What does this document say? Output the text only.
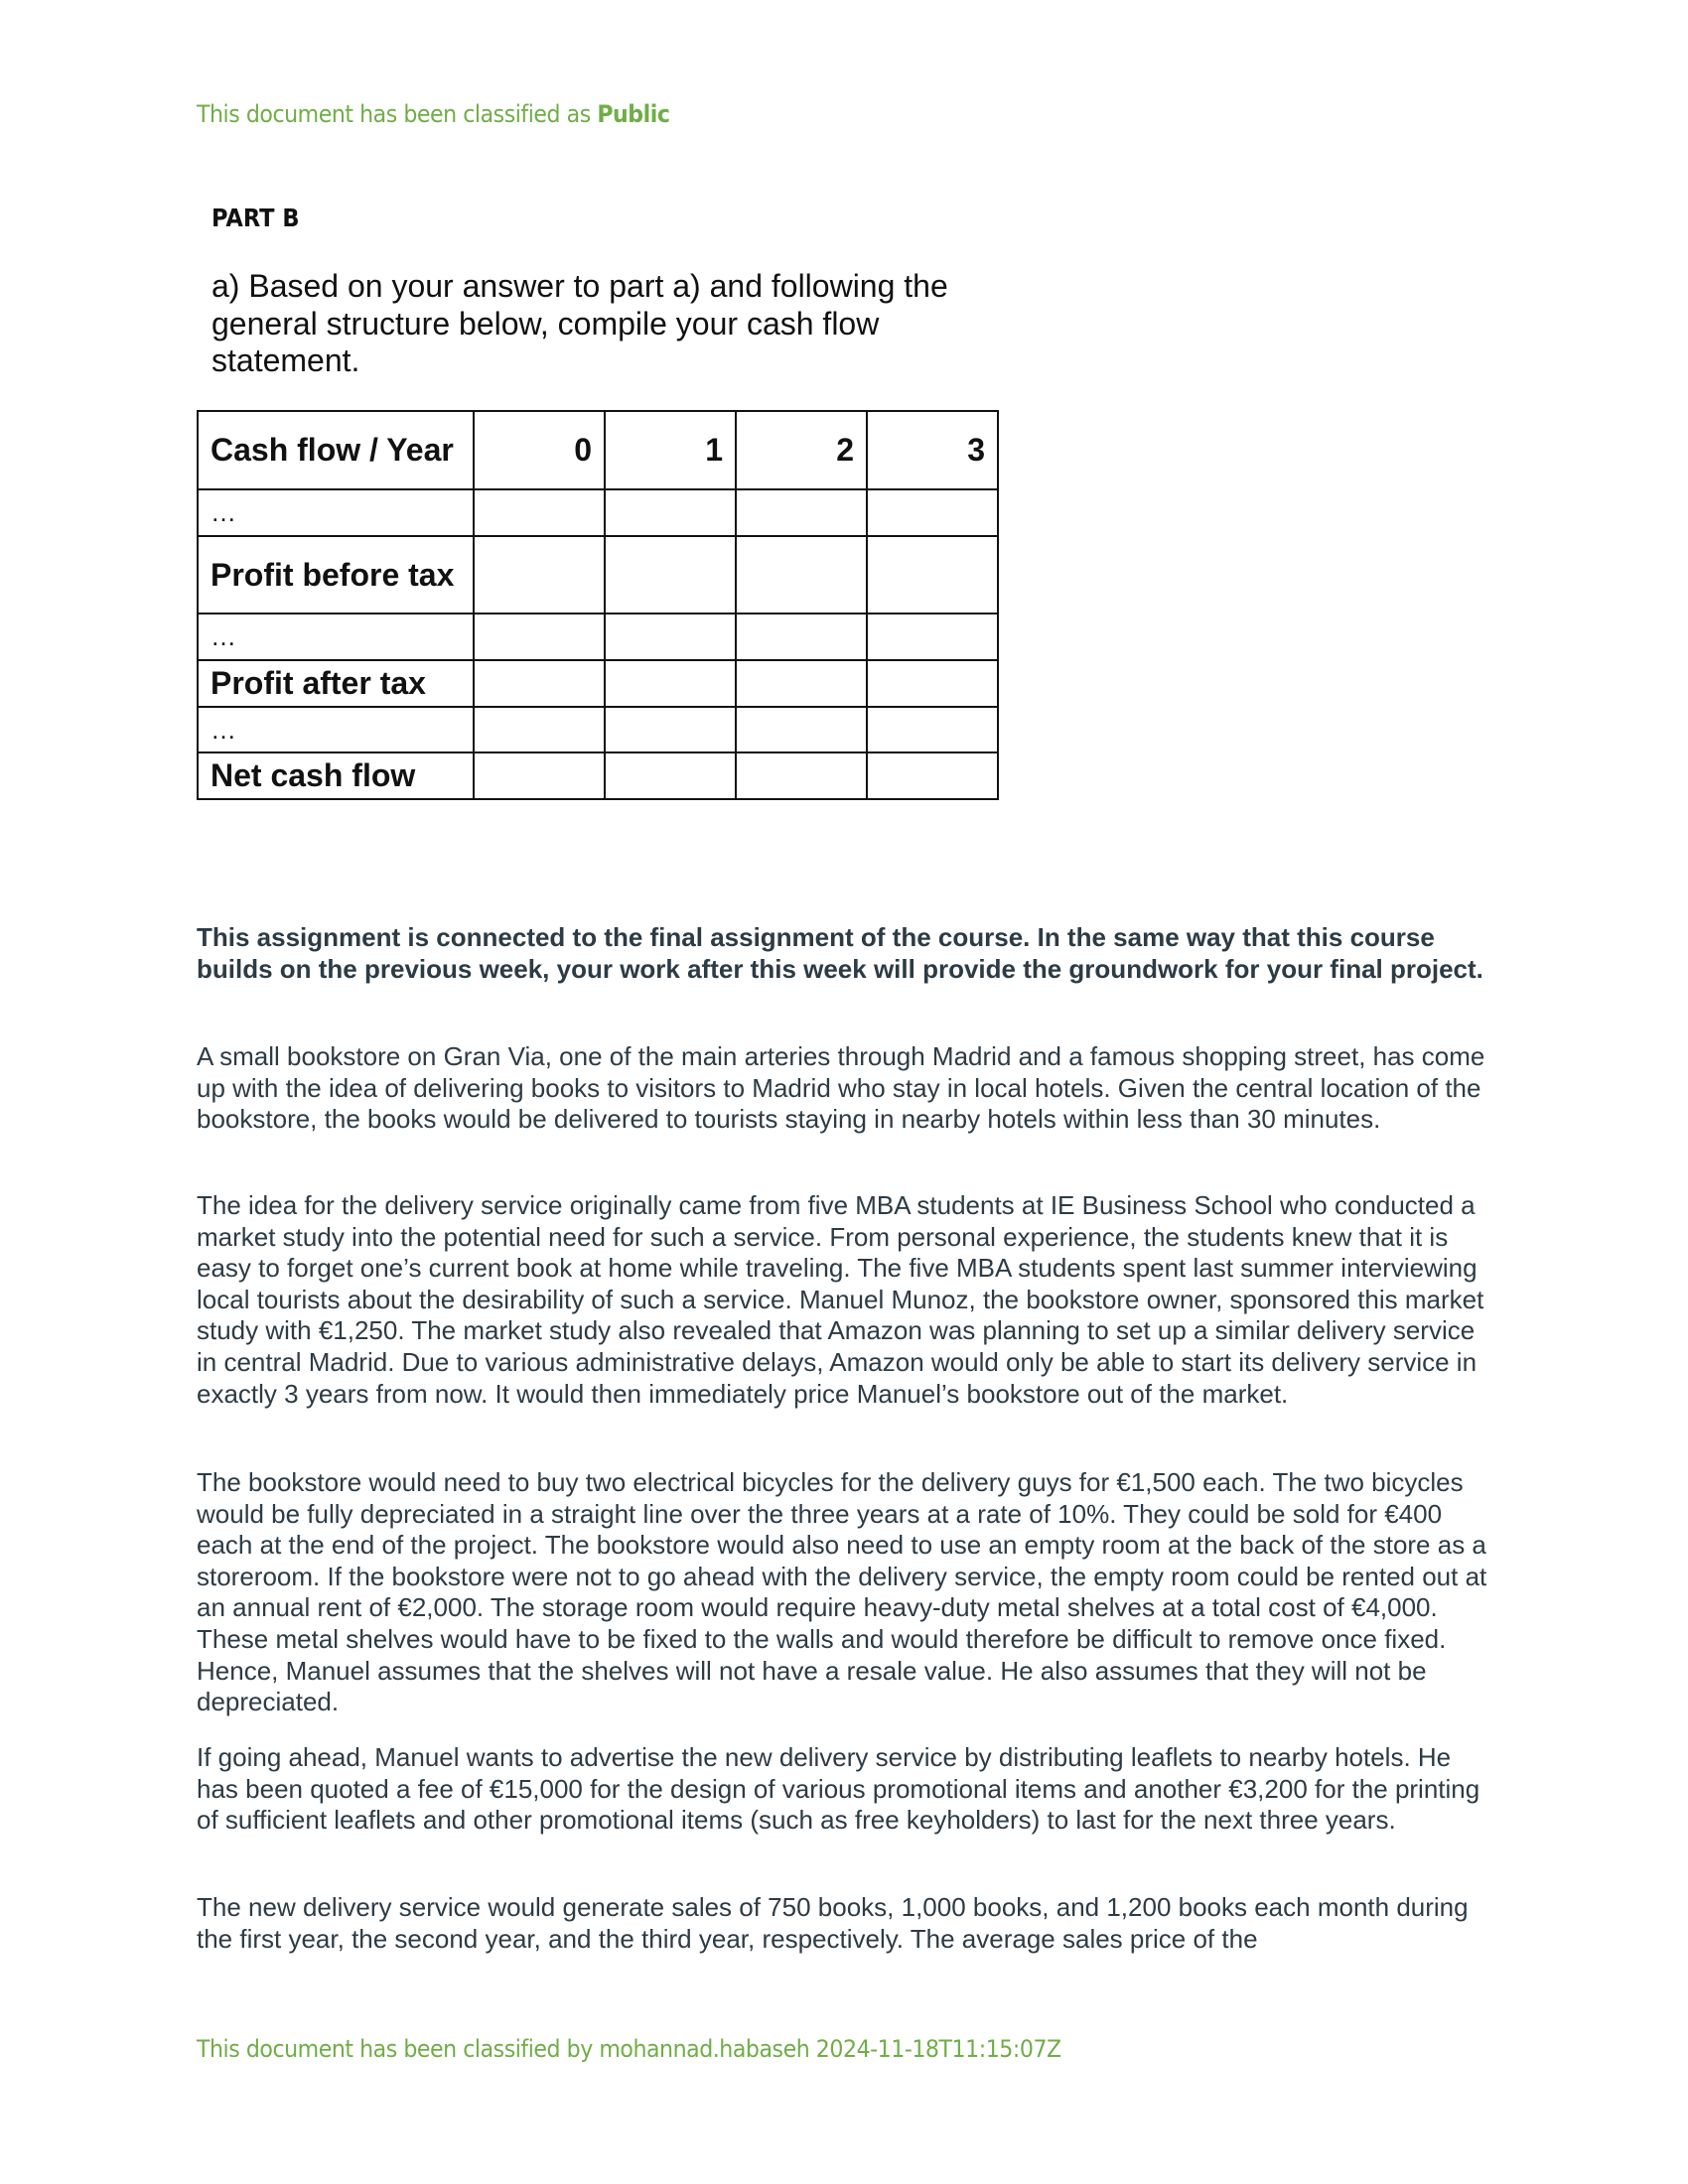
This document has been classified as Public
PART B
a) Based on your answer to part a) and following the general structure below, compile your cash flow statement.
Cash flow / Year	0	1	2	3
…				
Profit before tax				
…				
Profit after tax				
…				
Net cash flow				
This assignment is connected to the final assignment of the course. In the same way that this course builds on the previous week, your work after this week will provide the groundwork for your final project.
A small bookstore on Gran Via, one of the main arteries through Madrid and a famous shopping street, has come up with the idea of delivering books to visitors to Madrid who stay in local hotels. Given the central location of the bookstore, the books would be delivered to tourists staying in nearby hotels within less than 30 minutes.
The idea for the delivery service originally came from five MBA students at IE Business School who conducted a market study into the potential need for such a service. From personal experience, the students knew that it is easy to forget one’s current book at home while traveling. The five MBA students spent last summer interviewing local tourists about the desirability of such a service. Manuel Munoz, the bookstore owner, sponsored this market study with €1,250. The market study also revealed that Amazon was planning to set up a similar delivery service in central Madrid. Due to various administrative delays, Amazon would only be able to start its delivery service in exactly 3 years from now. It would then immediately price Manuel’s bookstore out of the market.
The bookstore would need to buy two electrical bicycles for the delivery guys for €1,500 each. The two bicycles would be fully depreciated in a straight line over the three years at a rate of 10%. They could be sold for €400 each at the end of the project. The bookstore would also need to use an empty room at the back of the store as a storeroom. If the bookstore were not to go ahead with the delivery service, the empty room could be rented out at an annual rent of €2,000. The storage room would require heavy-duty metal shelves at a total cost of €4,000. These metal shelves would have to be fixed to the walls and would therefore be difficult to remove once fixed. Hence, Manuel assumes that the shelves will not have a resale value. He also assumes that they will not be depreciated.
If going ahead, Manuel wants to advertise the new delivery service by distributing leaflets to nearby hotels. He has been quoted a fee of €15,000 for the design of various promotional items and another €3,200 for the printing of sufficient leaflets and other promotional items (such as free keyholders) to last for the next three years.
The new delivery service would generate sales of 750 books, 1,000 books, and 1,200 books each month during the first year, the second year, and the third year, respectively. The average sales price of the
This document has been classified by mohannad.habaseh 2024-11-18T11:15:07Z
